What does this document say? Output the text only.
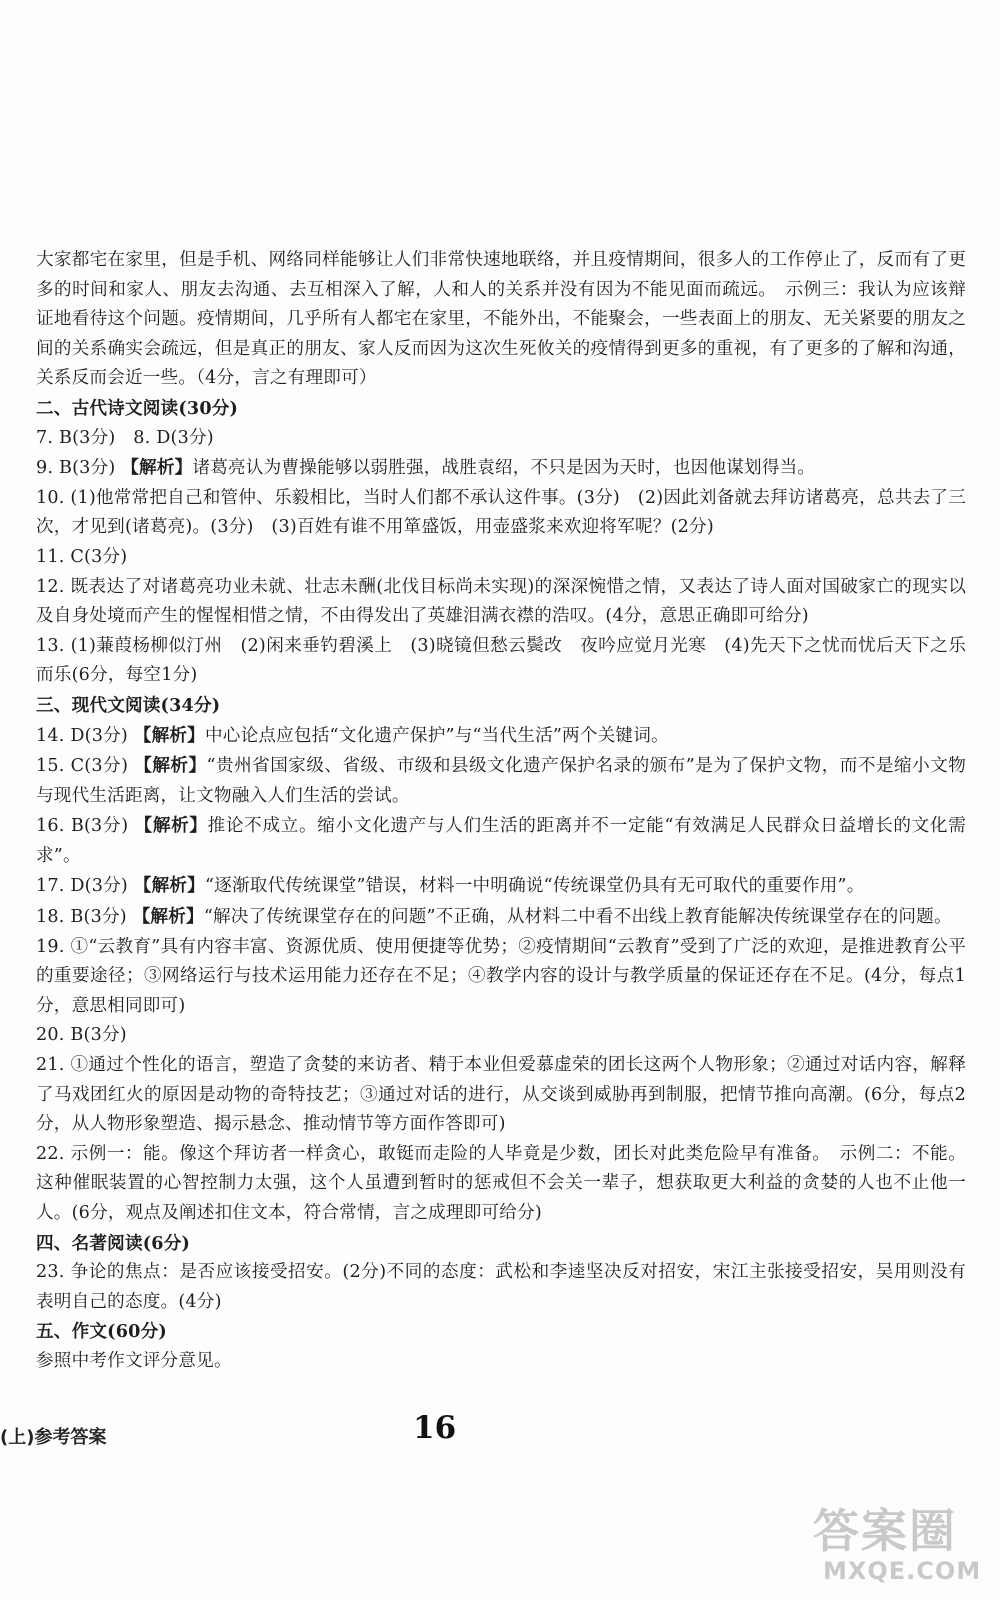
大家都宅在家里，但是手机、网络同样能够让人们非常快速地联络，并且疫情期间，很多人的工作停止了，反而有了更多的时间和家人、朋友去沟通、去互相深入了解，人和人的关系并没有因为不能见面而疏远。　示例三：我认为应该辩证地看待这个问题。疫情期间，几乎所有人都宅在家里，不能外出，不能聚会，一些表面上的朋友、无关紧要的朋友之间的关系确实会疏远，但是真正的朋友、家人反而因为这次生死攸关的疫情得到更多的重视，有了更多的了解和沟通，关系反而会近一些。（4分，言之有理即可）

二、古代诗文阅读(30分)

7. B(3分)　8. D(3分)

9. B(3分) 【解析】诸葛亮认为曹操能够以弱胜强，战胜袁绍，不只是因为天时，也因他谋划得当。

10. (1)他常常把自己和管仲、乐毅相比，当时人们都不承认这件事。(3分)　(2)因此刘备就去拜访诸葛亮，总共去了三次，才见到(诸葛亮)。(3分)　(3)百姓有谁不用箪盛饭，用壶盛浆来欢迎将军呢？(2分)

11. C(3分)

12. 既表达了对诸葛亮功业未就、壮志未酬(北伐目标尚未实现)的深深惋惜之情，又表达了诗人面对国破家亡的现实以及自身处境而产生的惺惺相惜之情，不由得发出了英雄泪满衣襟的浩叹。(4分，意思正确即可给分)

13. (1)蒹葭杨柳似汀州　(2)闲来垂钓碧溪上　(3)晓镜但愁云鬓改　夜吟应觉月光寒　(4)先天下之忧而忧后天下之乐而乐(6分，每空1分)

三、现代文阅读(34分)

14. D(3分) 【解析】中心论点应包括“文化遗产保护”与“当代生活”两个关键词。

15. C(3分) 【解析】“贵州省国家级、省级、市级和县级文化遗产保护名录的颁布”是为了保护文物，而不是缩小文物与现代生活距离，让文物融入人们生活的尝试。

16. B(3分) 【解析】推论不成立。缩小文化遗产与人们生活的距离并不一定能“有效满足人民群众日益增长的文化需求”。

17. D(3分) 【解析】“逐渐取代传统课堂”错误，材料一中明确说“传统课堂仍具有无可取代的重要作用”。

18. B(3分) 【解析】“解决了传统课堂存在的问题”不正确，从材料二中看不出线上教育能解决传统课堂存在的问题。

19. ①“云教育”具有内容丰富、资源优质、使用便捷等优势；②疫情期间“云教育”受到了广泛的欢迎，是推进教育公平的重要途径；③网络运行与技术运用能力还存在不足；④教学内容的设计与教学质量的保证还存在不足。(4分，每点1分，意思相同即可)

20. B(3分)

21. ①通过个性化的语言，塑造了贪婪的来访者、精于本业但爱慕虚荣的团长这两个人物形象；②通过对话内容，解释了马戏团红火的原因是动物的奇特技艺；③通过对话的进行，从交谈到威胁再到制服，把情节推向高潮。(6分，每点2分，从人物形象塑造、揭示悬念、推动情节等方面作答即可)

22. 示例一：能。像这个拜访者一样贪心，敢铤而走险的人毕竟是少数，团长对此类危险早有准备。　示例二：不能。这种催眠装置的心智控制力太强，这个人虽遭到暂时的惩戒但不会关一辈子，想获取更大利益的贪婪的人也不止他一人。(6分，观点及阐述扣住文本，符合常情，言之成理即可给分)

四、名著阅读(6分)

23. 争论的焦点：是否应该接受招安。(2分)不同的态度：武松和李逵坚决反对招安，宋江主张接受招安，吴用则没有表明自己的态度。(4分)

五、作文(60分)

参照中考作文评分意见。

(上)参考答案	16
答案圈
MXQE.COM
